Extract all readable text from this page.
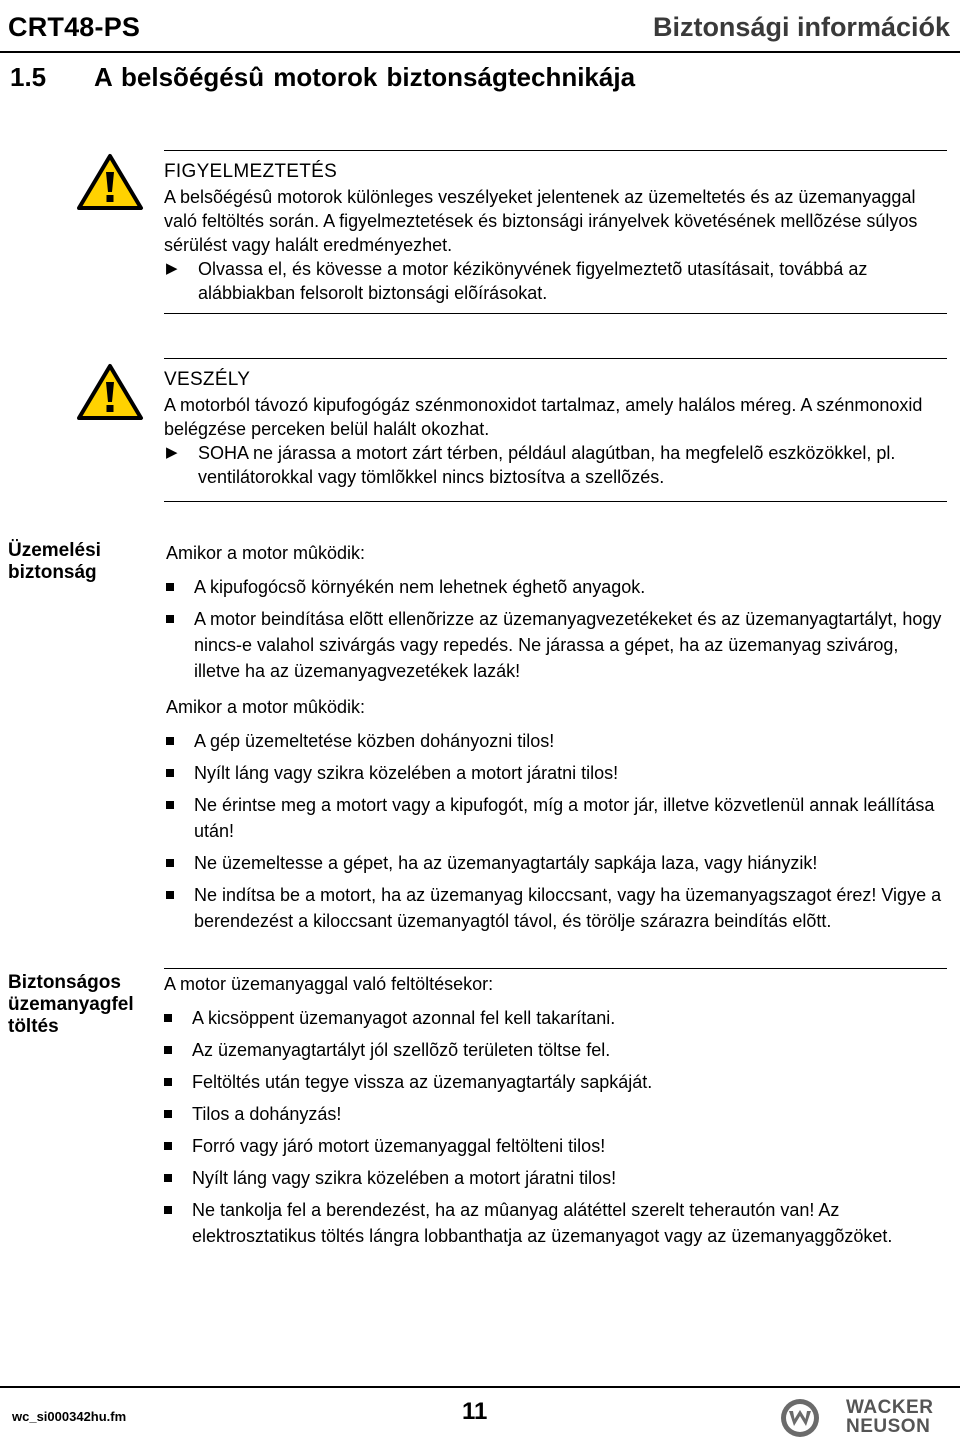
CRT48-PS	Biztonsági információk
1.5 A belsõégésû motorok biztonságtechnikája
FIGYELMEZTETÉS
A belsõégésû motorok különleges veszélyeket jelentenek az üzemeltetés és az üzemanyaggal való feltöltés során. A figyelmeztetések és biztonsági irányelvek követésének mellõzése súlyos sérülést vagy halált eredményezhet.
▶	Olvassa el, és kövesse a motor kézikönyvének figyelmeztetõ utasításait, továbbá az alábbiakban felsorolt biztonsági elõírásokat.
VESZÉLY
A motorból távozó kipufogógáz szénmonoxidot tartalmaz, amely halálos méreg. A szénmonoxid belégzése perceken belül halált okozhat.
▶	SOHA ne járassa a motort zárt térben, például alagútban, ha megfelelõ eszközökkel, pl. ventilátorokkal vagy tömlõkkel nincs biztosítva a szellõzés.
Üzemelési biztonság
Amikor a motor mûködik:
A kipufogócsõ környékén nem lehetnek éghetõ anyagok.
A motor beindítása elõtt ellenõrizze az üzemanyagvezetékeket és az üzemanyagtartályt, hogy nincs-e valahol szivárgás vagy repedés. Ne járassa a gépet, ha az üzemanyag szivárog, illetve ha az üzemanyagvezetékek lazák!
Amikor a motor mûködik:
A gép üzemeltetése közben dohányozni tilos!
Nyílt láng vagy szikra közelében a motort járatni tilos!
Ne érintse meg a motort vagy a kipufogót, míg a motor jár, illetve közvetlenül annak leállítása után!
Ne üzemeltesse a gépet, ha az üzemanyagtartály sapkája laza, vagy hiányzik!
Ne indítsa be a motort, ha az üzemanyag kiloccsant, vagy ha üzemanyagszagot érez! Vigye a berendezést a kiloccsant üzemanyagtól távol, és törölje szárazra beindítás elõtt.
Biztonságos üzemanyagfel töltés
A motor üzemanyaggal való feltöltésekor:
A kicsöppent üzemanyagot azonnal fel kell takarítani.
Az üzemanyagtartályt jól szellõzõ területen töltse fel.
Feltöltés után tegye vissza az üzemanyagtartály sapkáját.
Tilos a dohányzás!
Forró vagy járó motort üzemanyaggal feltölteni tilos!
Nyílt láng vagy szikra közelében a motort járatni tilos!
Ne tankolja fel a berendezést, ha az mûanyag alátéttel szerelt teherautón van! Az elektrosztatikus töltés lángra lobbanthatja az üzemanyagot vagy az üzemanyaggõzöket.
wc_si000342hu.fm	11	WACKER
NEUSON
